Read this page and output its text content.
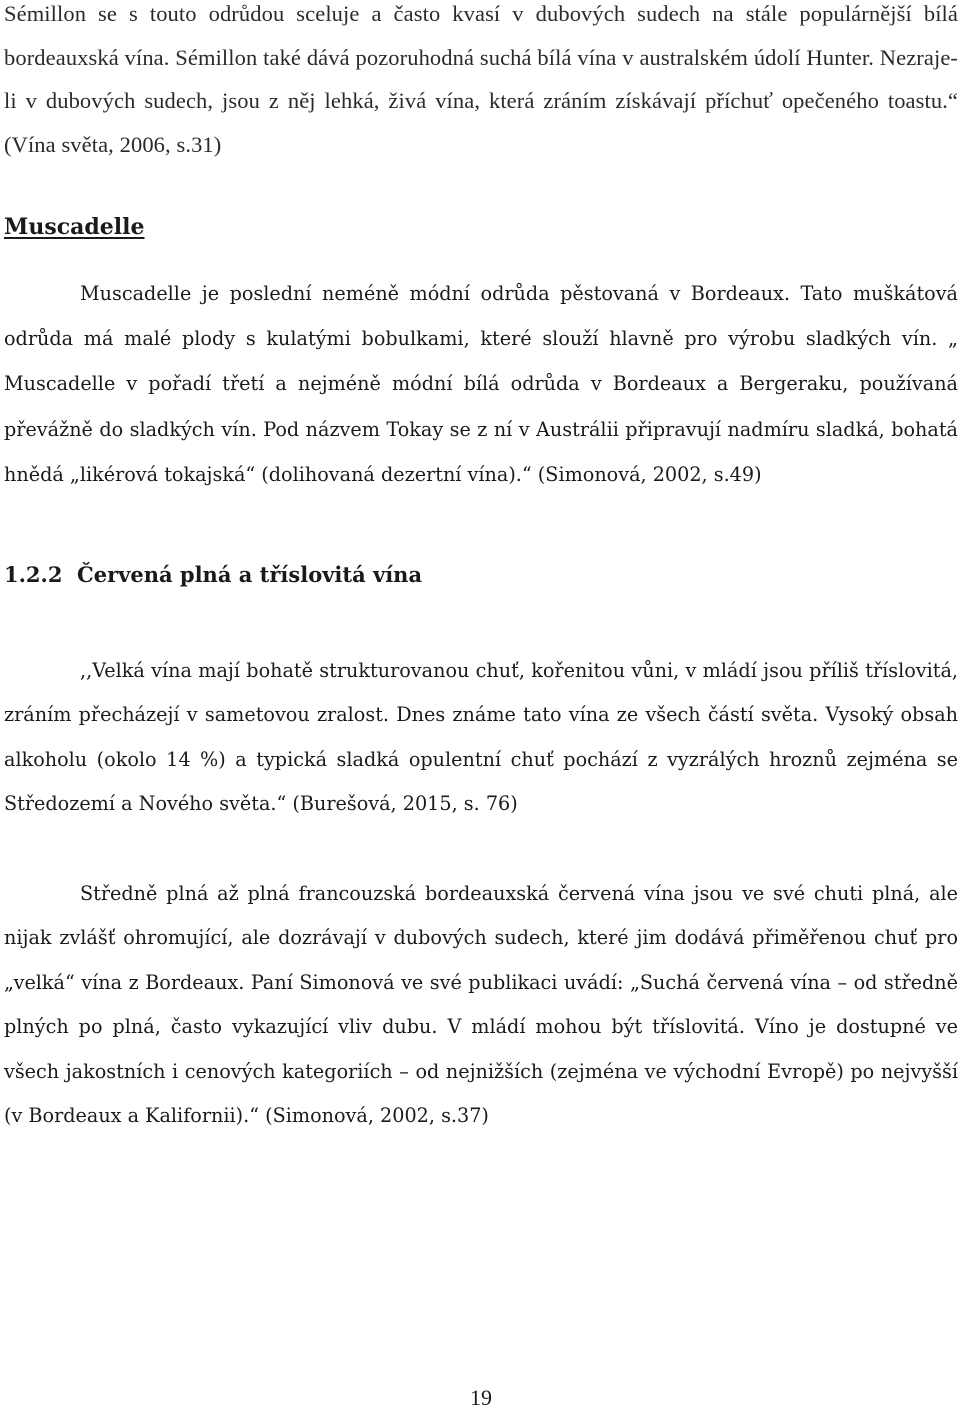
Sémillon se s touto odrůdou sceluje a často kvasí v dubových sudech na stále populárnější bílá bordeauxská vína. Sémillon také dává pozoruhodná suchá bílá vína v australském údolí Hunter. Nezraje-li v dubových sudech, jsou z něj lehká, živá vína, která zráním získávají příchuť opečeného toastu.“ (Vína světa, 2006, s.31)

Muscadelle

Muscadelle je poslední neméně módní odrůda pěstovaná v Bordeaux. Tato muškátová odrůda má malé plody s kulatými bobulkami, které slouží hlavně pro výrobu sladkých vín. „ Muscadelle v pořadí třetí a nejméně módní bílá odrůda v Bordeaux a Bergeraku, používaná převážně do sladkých vín. Pod názvem Tokay se z ní v Austrálii připravují nadmíru sladká, bohatá hnědá „likérová tokajská“ (dolihovaná dezertní vína).“ (Simonová, 2002, s.49)

1.2.2 Červená plná a tříslovitá vína

,,Velká vína mají bohatě strukturovanou chuť, kořenitou vůni, v mládí jsou příliš tříslovitá, zráním přecházejí v sametovou zralost. Dnes známe tato vína ze všech částí světa. Vysoký obsah alkoholu (okolo 14 %) a typická sladká opulentní chuť pochází z vyzrálých hroznů zejména se Středozemí a Nového světa.“ (Burešová, 2015, s. 76)

Středně plná až plná francouzská bordeauxská červená vína jsou ve své chuti plná, ale nijak zvlášť ohromující, ale dozrávají v dubových sudech, které jim dodává přiměřenou chuť pro „velká“ vína z Bordeaux. Paní Simonová ve své publikaci uvádí: „Suchá červená vína – od středně plných po plná, často vykazující vliv dubu. V mládí mohou být tříslovitá. Víno je dostupné ve všech jakostních i cenových kategoriích – od nejnižších (zejména ve východní Evropě) po nejvyšší (v Bordeaux a Kalifornii).“ (Simonová, 2002, s.37)

19
